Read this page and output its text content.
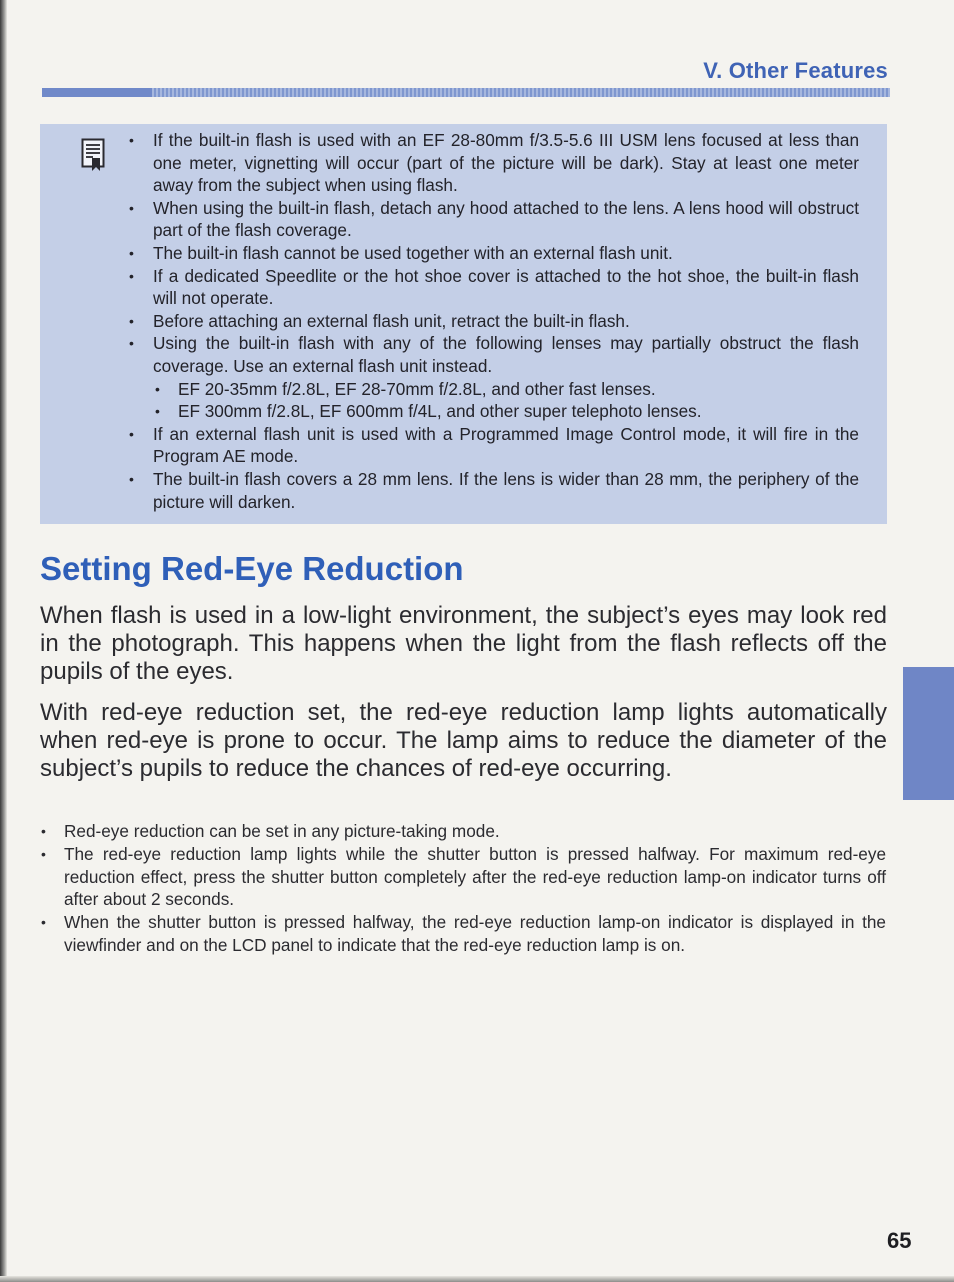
V. Other Features
• If the built-in flash is used with an EF 28-80mm f/3.5-5.6 III USM lens focused at less than one meter, vignetting will occur (part of the picture will be dark). Stay at least one meter away from the subject when using flash.
• When using the built-in flash, detach any hood attached to the lens. A lens hood will obstruct part of the flash coverage.
• The built-in flash cannot be used together with an external flash unit.
• If a dedicated Speedlite or the hot shoe cover is attached to the hot shoe, the built-in flash will not operate.
• Before attaching an external flash unit, retract the built-in flash.
• Using the built-in flash with any of the following lenses may partially obstruct the flash coverage. Use an external flash unit instead.
• EF 20-35mm f/2.8L, EF 28-70mm f/2.8L, and other fast lenses.
• EF 300mm f/2.8L, EF 600mm f/4L, and other super telephoto lenses.
• If an external flash unit is used with a Programmed Image Control mode, it will fire in the Program AE mode.
• The built-in flash covers a 28 mm lens. If the lens is wider than 28 mm, the periphery of the picture will darken.
Setting Red-Eye Reduction

When flash is used in a low-light environment, the subject’s eyes may look red in the photograph. This happens when the light from the flash reflects off the pupils of the eyes.

With red-eye reduction set, the red-eye reduction lamp lights automatically when red-eye is prone to occur. The lamp aims to reduce the diameter of the subject’s pupils to reduce the chances of red-eye occurring.

• Red-eye reduction can be set in any picture-taking mode.
• The red-eye reduction lamp lights while the shutter button is pressed halfway. For maximum red-eye reduction effect, press the shutter button completely after the red-eye reduction lamp-on indicator turns off after about 2 seconds.
• When the shutter button is pressed halfway, the red-eye reduction lamp-on indicator is displayed in the viewfinder and on the LCD panel to indicate that the red-eye reduction lamp is on.
65
